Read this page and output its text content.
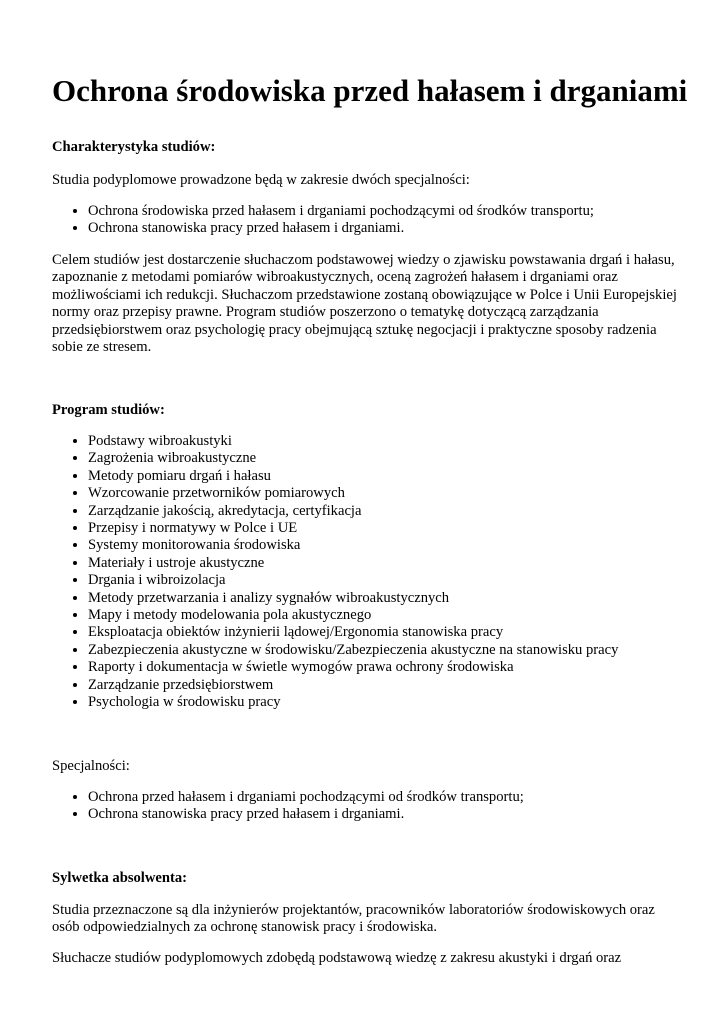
Ochrona środowiska przed hałasem i drganiami

Charakterystyka studiów:

Studia podyplomowe prowadzone będą w zakresie dwóch specjalności:

• Ochrona środowiska przed hałasem i drganiami pochodzącymi od środków transportu;
• Ochrona stanowiska pracy przed hałasem i drganiami.

Celem studiów jest dostarczenie słuchaczom podstawowej wiedzy o zjawisku powstawania drgań i hałasu, zapoznanie z metodami pomiarów wibroakustycznych, oceną zagrożeń hałasem i drganiami oraz możliwościami ich redukcji. Słuchaczom przedstawione zostaną obowiązujące w Polce i Unii Europejskiej normy oraz przepisy prawne. Program studiów poszerzono o tematykę dotyczącą zarządzania przedsiębiorstwem oraz psychologię pracy obejmującą sztukę negocjacji i praktyczne sposoby radzenia sobie ze stresem.

Program studiów:

• Podstawy wibroakustyki
• Zagrożenia wibroakustyczne
• Metody pomiaru drgań i hałasu
• Wzorcowanie przetworników pomiarowych
• Zarządzanie jakością, akredytacja, certyfikacja
• Przepisy i normatywy w Polce i UE
• Systemy monitorowania środowiska
• Materiały i ustroje akustyczne
• Drgania i wibroizolacja
• Metody przetwarzania i analizy sygnałów wibroakustycznych
• Mapy i metody modelowania pola akustycznego
• Eksploatacja obiektów inżynierii lądowej/Ergonomia stanowiska pracy
• Zabezpieczenia akustyczne w środowisku/Zabezpieczenia akustyczne na stanowisku pracy
• Raporty i dokumentacja w świetle wymogów prawa ochrony środowiska
• Zarządzanie przedsiębiorstwem
• Psychologia w środowisku pracy

Specjalności:

• Ochrona przed hałasem i drganiami pochodzącymi od środków transportu;
• Ochrona stanowiska pracy przed hałasem i drganiami.

Sylwetka absolwenta:

Studia przeznaczone są dla inżynierów projektantów, pracowników laboratoriów środowiskowych oraz osób odpowiedzialnych za ochronę stanowisk pracy i środowiska.

Słuchacze studiów podyplomowych zdobędą podstawową wiedzę z zakresu akustyki i drgań oraz
